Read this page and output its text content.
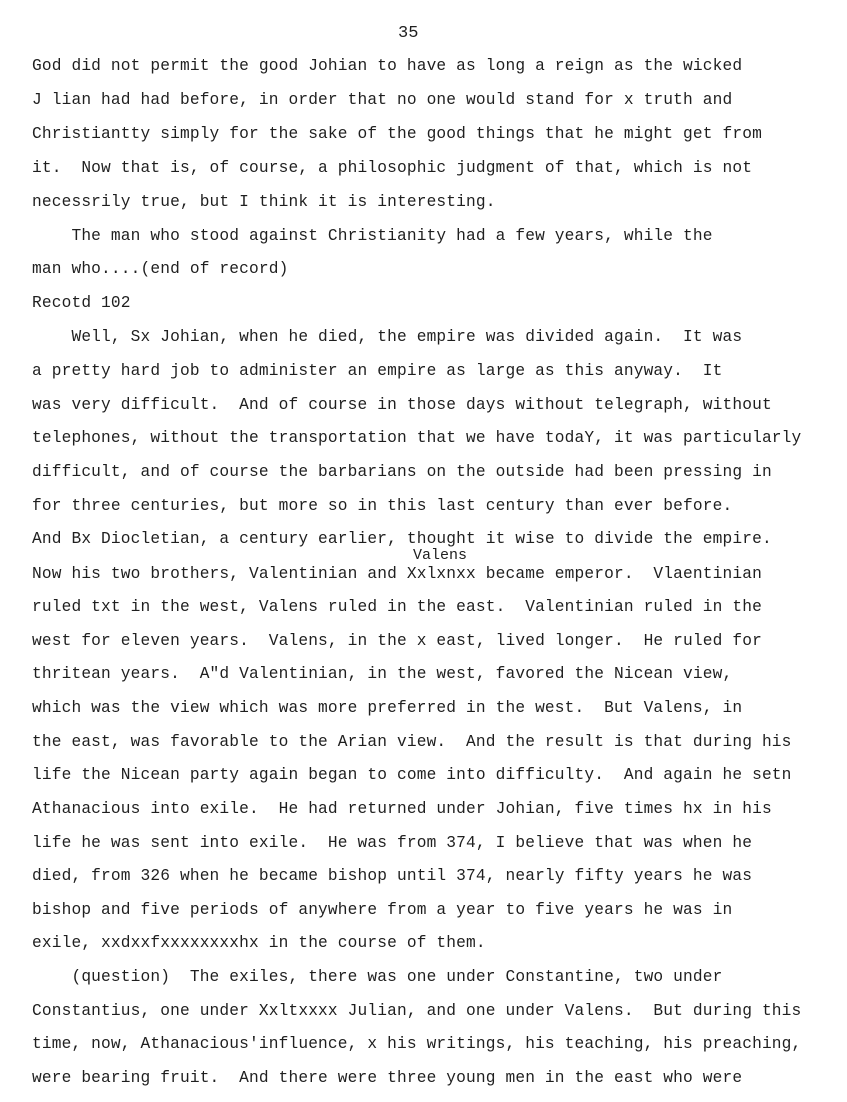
35
Valens
God did not permit the good Johian to have as long a reign as the wicked
J lian had had before, in order that no one would stand for x truth and
Christiantty simply for the sake of the good things that he might get from
it.  Now that is, of course, a philosophic judgment of that, which is not
necessrily true, but I think it is interesting.
The man who stood against Christianity had a few years, while the
man who....(end of record)
Recotd 102
Well, Sx Johian, when he died, the empire was divided again.  It was
a pretty hard job to administer an empire as large as this anyway.  It
was very difficult.  And of course in those days without telegraph, without
telephones, without the transportation that we have todaY, it was particularly
difficult, and of course the barbarians on the outside had been pressing in
for three centuries, but more so in this last century than ever before.
And Bx Diocletian, a century earlier, thought it wise to divide the empire.
Now his two brothers, Valentinian and Xxlxnxx became emperor.  Vlaentinian
ruled txt in the west, Valens ruled in the east.  Valentinian ruled in the
west for eleven years.  Valens, in the x east, lived longer.  He ruled for
thritean years.  A"d Valentinian, in the west, favored the Nicean view,
which was the view which was more preferred in the west.  But Valens, in
the east, was favorable to the Arian view.  And the result is that during his
life the Nicean party again began to come into difficulty.  And again he setn
Athanacious into exile.  He had returned under Johian, five times hx in his
life he was sent into exile.  He was from 374, I believe that was when he
died, from 326 when he became bishop until 374, nearly fifty years he was
bishop and five periods of anywhere from a year to five years he was in
exile, xxdxxfxxxxxxxxhx in the course of them.
(question)  The exiles, there was one under Constantine, two under
Constantius, one under Xxltxxxx Julian, and one under Valens.  But during this
time, now, Athanacious'influence, x his writings, his teaching, his preaching,
were bearing fruit.  And there were three young men in the east who were
